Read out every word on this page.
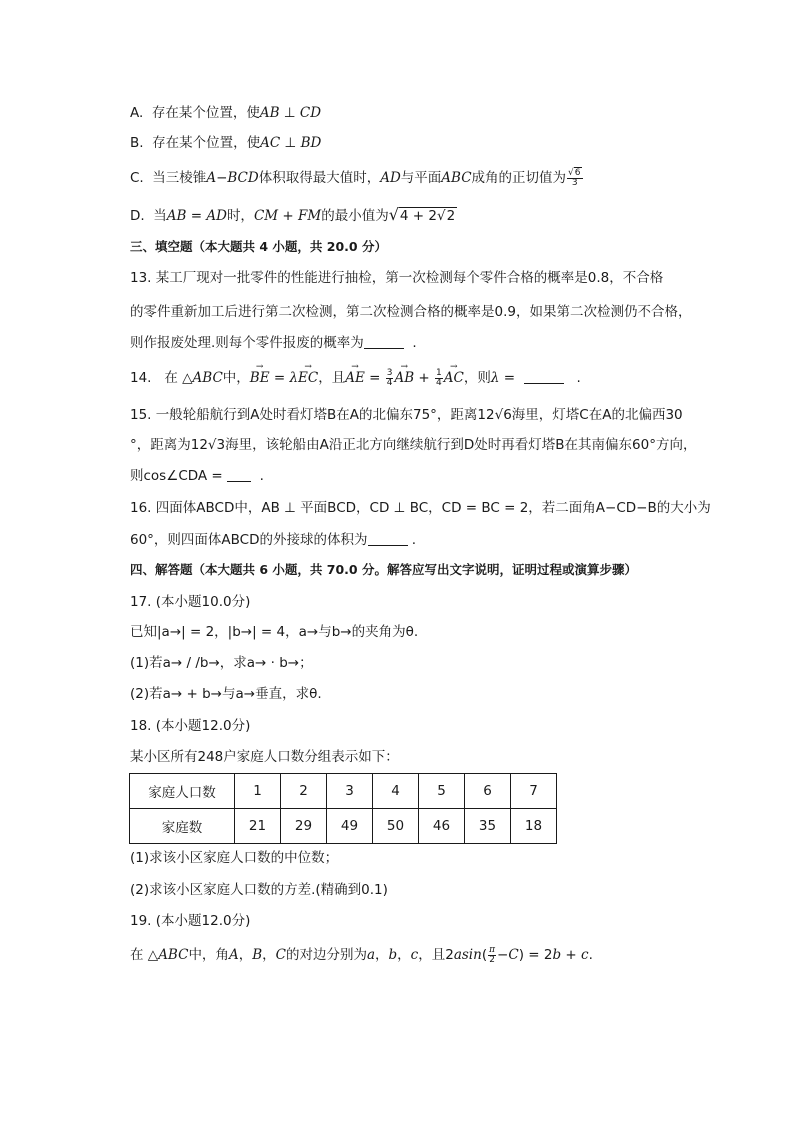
A.  存在某个位置，使AB ⊥ CD
B.  存在某个位置，使AC ⊥ BD
C.  当三棱锥A−BCD体积取得最大值时，AD与平面ABC成角的正切值为 $\frac{√6}{3}$
D.  当AB = AD时，CM + FM的最小值为√4 + 2√2
三、填空题（本大题共 4 小题，共 20.0 分）
13. 某工厂现对一批零件的性能进行抽检，第一次检测每个零件合格的概率是0.8，不合格
的零件重新加工后进行第二次检测，第二次检测合格的概率是0.9，如果第二次检测仍不合格，
则作报废处理.则每个零件报废的概率为	.
14.   在 △ABC中，→ BE = λ→ EC，且→ AE = $\frac{3}{4}$ → AB + $\frac{1}{4}$ → AC，则λ =	.
15. 一般轮船航行到A处时看灯塔B在A的北偏东75°，距离12√6海里，灯塔C在A的北偏西30
°，距离为12√3海里，该轮船由A沿正北方向继续航行到D处时再看灯塔B在其南偏东60°方向，
则cos∠CDA =   .
16. 四面体ABCD中，AB ⊥ 平面BCD，CD ⊥ BC，CD = BC = 2，若二面角A−CD−B的大小为
60°，则四面体ABCD的外接球的体积为	.
四、解答题（本大题共 6 小题，共 70.0 分。解答应写出文字说明，证明过程或演算步骤）
17. (本小题10.0分)
已知|a→| = 2，|b→| = 4，a→与b→的夹角为θ.
(1)若a→ / /b→，求a→ · b→；
(2)若a→ + b→与a→垂直，求θ.
18. (本小题12.0分)
某小区所有248户家庭人口数分组表示如下：
家庭人口数	1	2	3	4	5	6	7
家庭数	21	29	49	50	46	35	18
(1)求该小区家庭人口数的中位数；
(2)求该小区家庭人口数的方差.(精确到0.1)
19. (本小题12.0分)
在 △ABC中，角A，B，C的对边分别为a，b，c，且$2asin( \frac{\pi}{2} -C) = 2b + c$.
